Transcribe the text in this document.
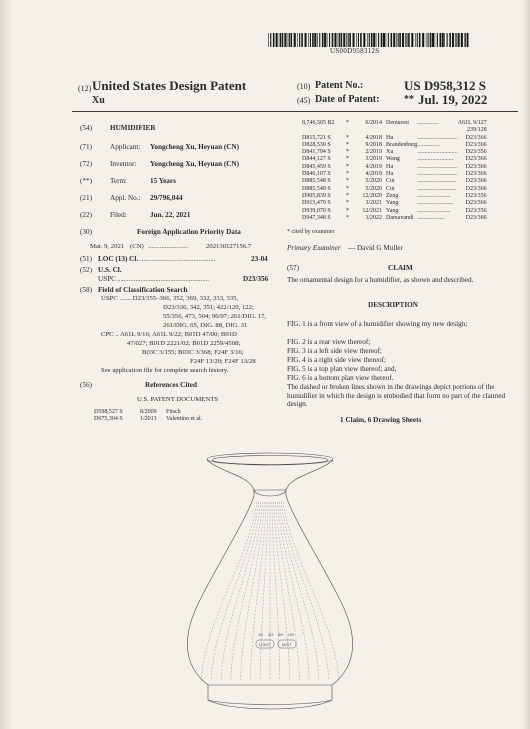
US00D958312S
(12) United States Design Patent
Xu
(10) Patent No.:	US D958,312 S
(45) Date of Patent: ** Jul. 19, 2022
(54)	HUMIDIFIER
(71)	Applicant: Yongcheng Xu, Heyuan (CN)
(72)	Inventor: Yongcheng Xu, Heyuan (CN)
(**)	Term:	15 Years
(21)	Appl. No.: 29/796,044
(22)	Filed:	Jun. 22, 2021
(30)	Foreign Application Priority Data
Mar. 9, 2021 (CN) ........................	202130127156.7
(51) LOC (13) Cl. .............................................	23-04
(52) U.S. Cl.
USPC .......................................................	D23/356
(58) Field of Classification Search
USPC ....... D23/355–366, 352, 369, 332, 333, 335,
D23/336, 342, 351; 422/120, 122;
55/356, 473, 504; 96/97; 261/DIG. 17,
261/DIG. 65, DIG. 88, DIG. 31
CPC .. A61L 9/16; A61L 9/22; B01D 47/00; B01D
47/027; B01D 2221/02; B01D 2259/4508;
B03C 3/155; B03C 3/368; F24F 3/16;
F24F 13/20; F24F 13/28
See application file for complete search history.
(56)	References Cited
U.S. PATENT DOCUMENTS
D598,527 S	8/2009	Fitsch
D675,304 S	1/2013	Valentino et al.
8,746,505 B2	*	6/2014	Demarest	..............	A61L 9/127
					239/128
D815,721 S	*	4/2018	Hu	...........................	D23/366
D828,530 S	*	9/2018	Brandenburg	...............	D23/366
D841,794 S	*	2/2019	Xu	...........................	D23/356
D844,127 S	*	3/2019	Wang	........................	D23/366
D845,459 S	*	4/2019	Hu	...........................	D23/366
D846,107 S	*	4/2019	Hu	...........................	D23/366
D885,548 S	*	5/2020	Cui	..........................	D23/366
D885,549 S	*	5/2020	Cui	..........................	D23/366
D905,839 S	*	12/2020	Zeng	......................	D23/356
D913,479 S	*	3/2021	Yang	........................	D23/366
D939,070 S	*	12/2021	Yang	......................	D23/356
D947,348 S	*	3/2022	Damavandi	..................	D23/366
* cited by examiner
Primary Examiner — David G Muller
(57)	CLAIM
The ornamental design for a humidifier, as shown and described.
DESCRIPTION
FIG. 1 is a front view of a humidifier showing my new design;
FIG. 2 is a rear view thereof;
FIG. 3 is a left side view thereof;
FIG. 4 is a right side view thereof;
FIG. 5 is a top plan view thereof; and,
FIG. 6 is a bottom plan view thereof.
The dashed or broken lines shown in the drawings depict portions of the humidifier in which the design is embodied that form no part of the claimed design.
1 Claim, 6 Drawing Sheets
1H 3H 6H ON
LIGHT	MIST
